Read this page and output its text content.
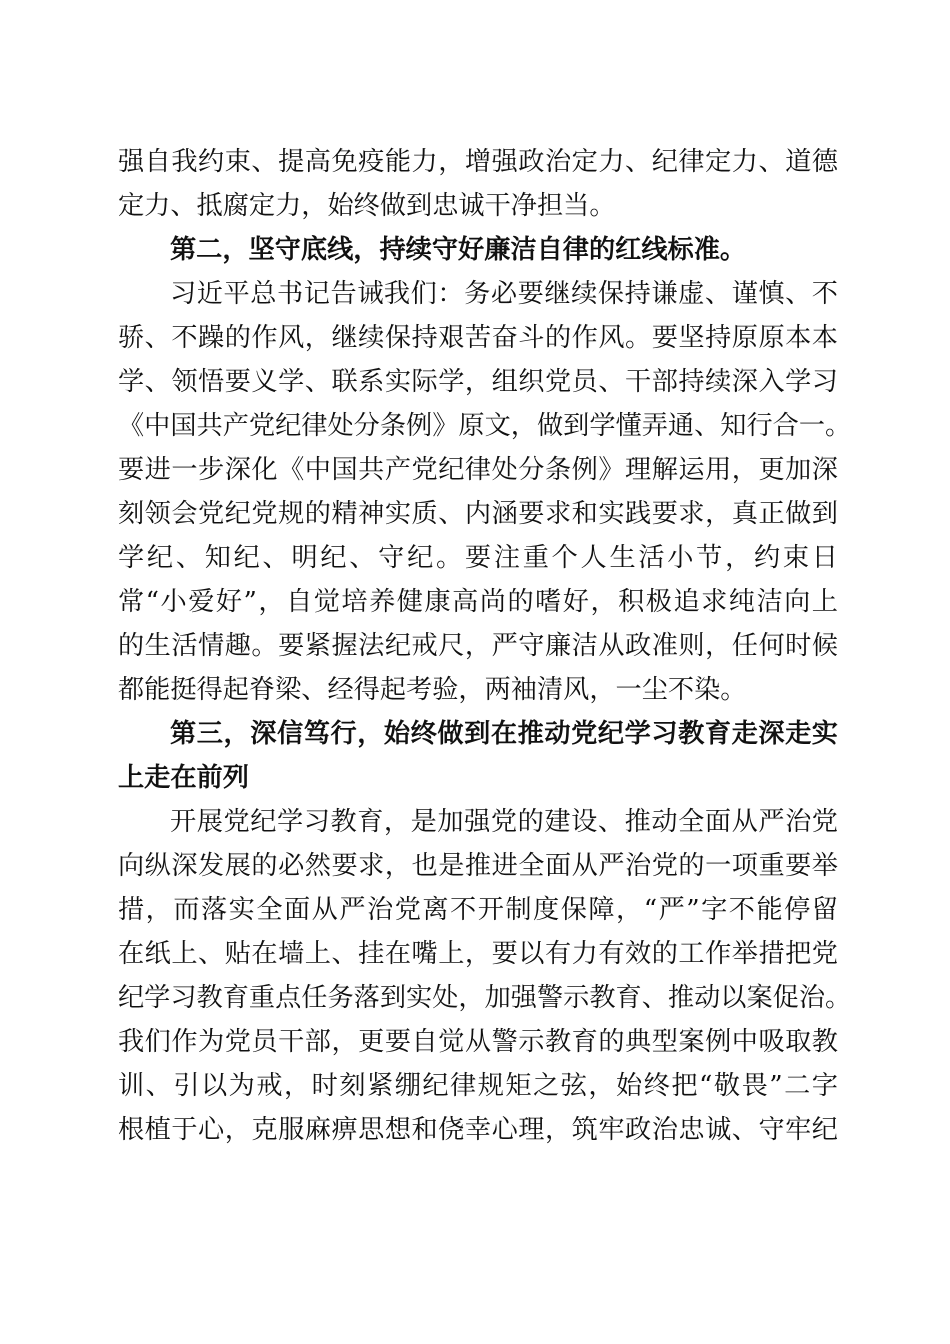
强自我约束、提高免疫能力，增强政治定力、纪律定力、道德
定力、抵腐定力，始终做到忠诚干净担当。
第二，坚守底线，持续守好廉洁自律的红线标准。
习近平总书记告诫我们：务必要继续保持谦虚、谨慎、不
骄、不躁的作风，继续保持艰苦奋斗的作风。要坚持原原本本
学、领悟要义学、联系实际学，组织党员、干部持续深入学习
《中国共产党纪律处分条例》原文，做到学懂弄通、知行合一。
要进一步深化《中国共产党纪律处分条例》理解运用，更加深
刻领会党纪党规的精神实质、内涵要求和实践要求，真正做到
学纪、知纪、明纪、守纪。要注重个人生活小节，约束日
常“小爱好”，自觉培养健康高尚的嗜好，积极追求纯洁向上
的生活情趣。要紧握法纪戒尺，严守廉洁从政准则，任何时候
都能挺得起脊梁、经得起考验，两袖清风，一尘不染。
第三，深信笃行，始终做到在推动党纪学习教育走深走实
上走在前列
开展党纪学习教育，是加强党的建设、推动全面从严治党
向纵深发展的必然要求，也是推进全面从严治党的一项重要举
措，而落实全面从严治党离不开制度保障，“严”字不能停留
在纸上、贴在墙上、挂在嘴上，要以有力有效的工作举措把党
纪学习教育重点任务落到实处，加强警示教育、推动以案促治。
我们作为党员干部，更要自觉从警示教育的典型案例中吸取教
训、引以为戒，时刻紧绷纪律规矩之弦，始终把“敬畏”二字
根植于心，克服麻痹思想和侥幸心理，筑牢政治忠诚、守牢纪
